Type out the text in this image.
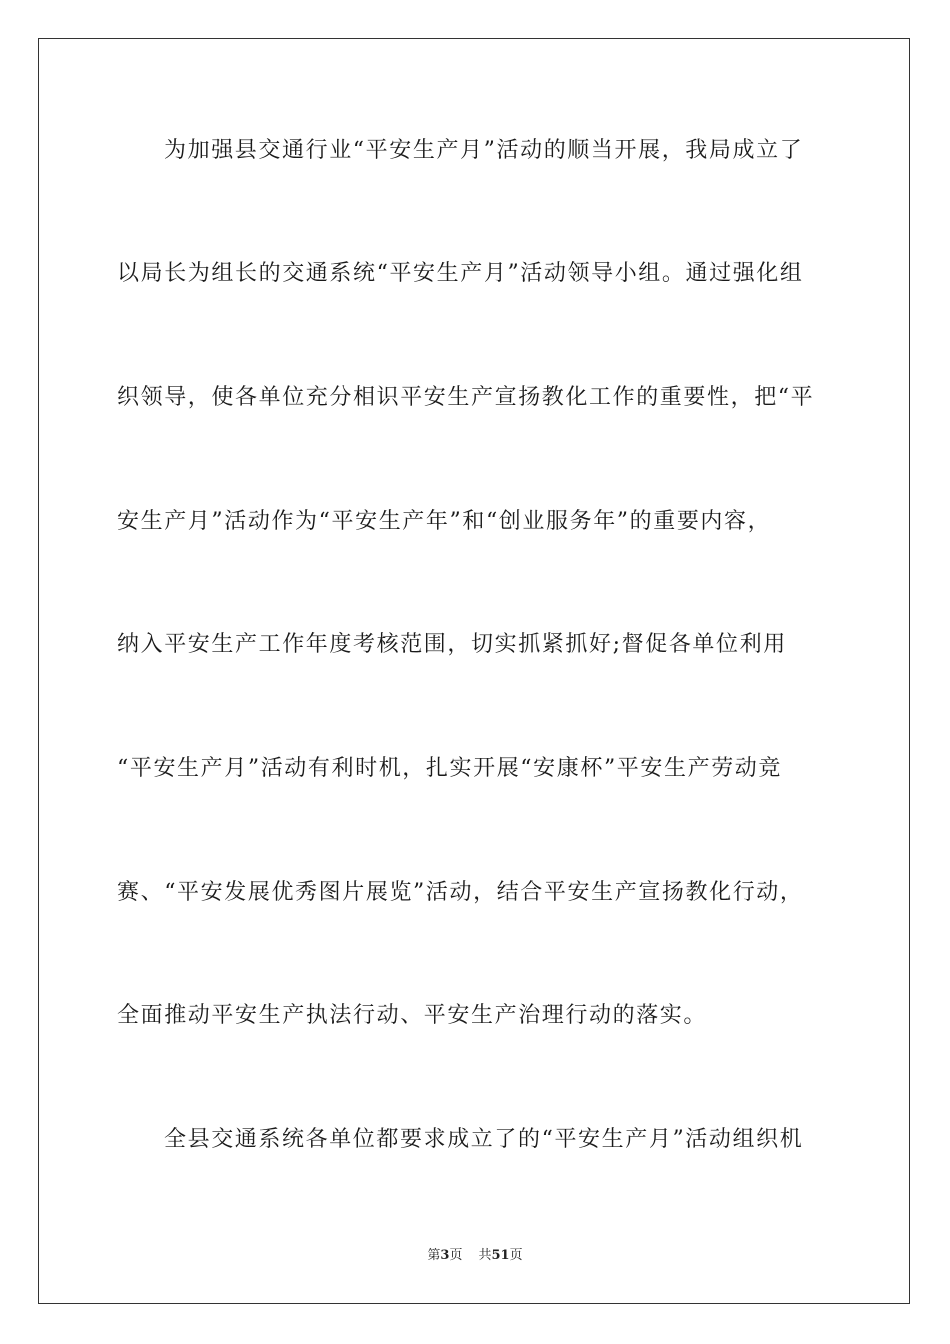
为加强县交通行业“平安生产月”活动的顺当开展，我局成立了
以局长为组长的交通系统“平安生产月”活动领导小组。通过强化组
织领导，使各单位充分相识平安生产宣扬教化工作的重要性，把“平
安生产月”活动作为“平安生产年”和“创业服务年”的重要内容，
纳入平安生产工作年度考核范围，切实抓紧抓好;督促各单位利用
“平安生产月”活动有利时机，扎实开展“安康杯”平安生产劳动竞
赛、“平安发展优秀图片展览”活动，结合平安生产宣扬教化行动，
全面推动平安生产执法行动、平安生产治理行动的落实。
全县交通系统各单位都要求成立了的“平安生产月”活动组织机
第3页 共51页
